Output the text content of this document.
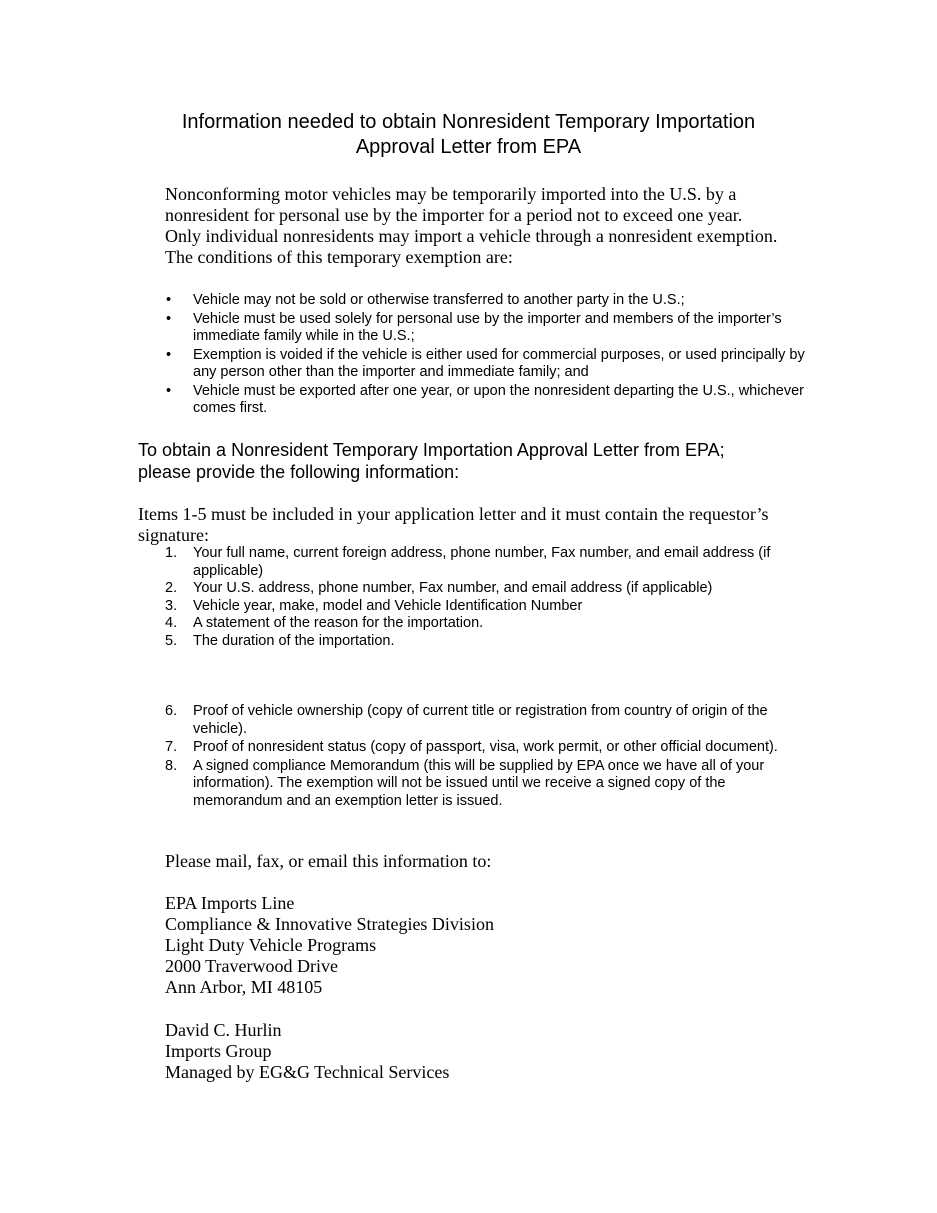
Information needed to obtain Nonresident Temporary Importation
Approval Letter from EPA
Nonconforming motor vehicles may be temporarily imported into the U.S. by a
nonresident for personal use by the importer for a period not to exceed one year.
Only individual nonresidents may import a vehicle through a nonresident exemption.
The conditions of this temporary exemption are:
• Vehicle may not be sold or otherwise transferred to another party in the U.S.;
• Vehicle must be used solely for personal use by the importer and members of the importer’s immediate family while in the U.S.;
• Exemption is voided if the vehicle is either used for commercial purposes, or used principally by any person other than the importer and immediate family; and
• Vehicle must be exported after one year, or upon the nonresident departing the U.S., whichever comes first.
To obtain a Nonresident Temporary Importation Approval Letter from EPA;
please provide the following information:
Items 1-5 must be included in your application letter and it must contain the requestor’s
signature:
1. Your full name, current foreign address, phone number, Fax number, and email address (if applicable)
2. Your U.S. address, phone number, Fax number, and email address (if applicable)
3. Vehicle year, make, model and Vehicle Identification Number
4. A statement of the reason for the importation.
5. The duration of the importation.
6. Proof of vehicle ownership (copy of current title or registration from country of origin of the vehicle).
7. Proof of nonresident status (copy of passport, visa, work permit, or other official document).
8. A signed compliance Memorandum (this will be supplied by EPA once we have all of your information). The exemption will not be issued until we receive a signed copy of the memorandum and an exemption letter is issued.
Please mail, fax, or email this information to:
EPA Imports Line
Compliance & Innovative Strategies Division
Light Duty Vehicle Programs
2000 Traverwood Drive
Ann Arbor, MI 48105
David C. Hurlin
Imports Group
Managed by EG&G Technical Services
